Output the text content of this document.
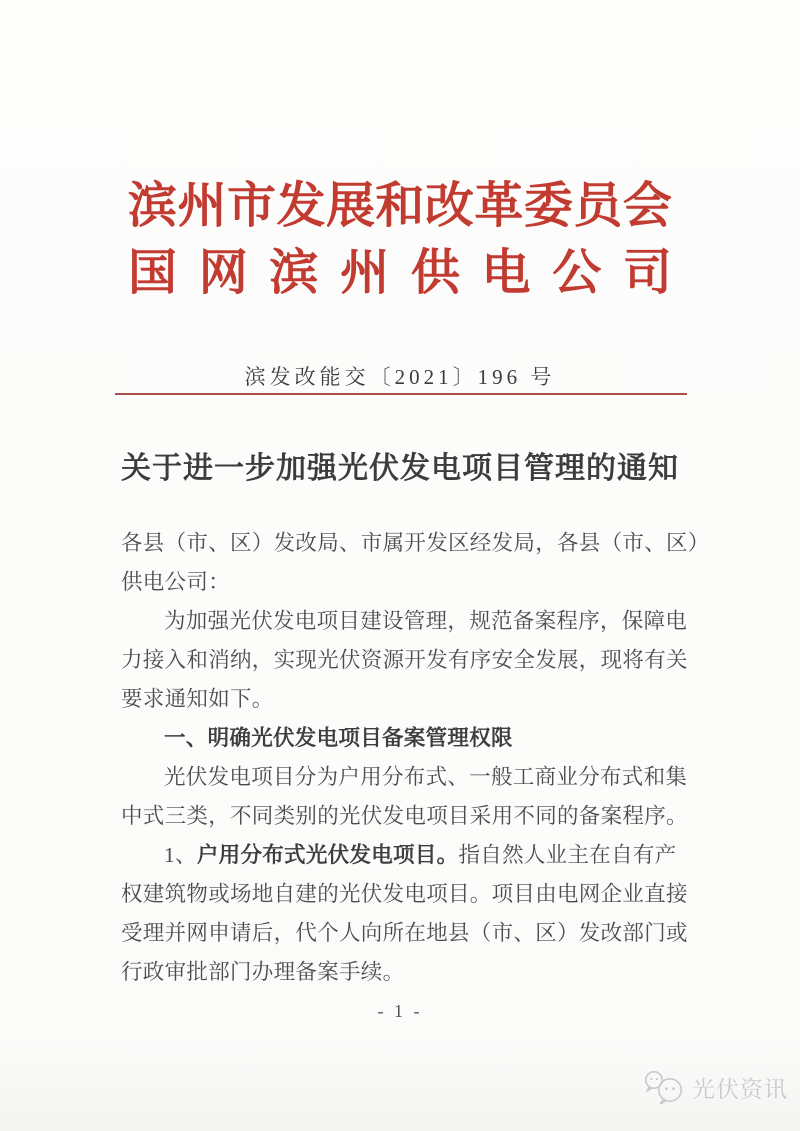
滨 州 市 发 展 和 改 革 委 员 会
国 网 滨 州 供 电 公 司
滨发改能交〔2021〕196 号
关于进一步加强光伏发电项目管理的通知
各县（市、区）发改局、市属开发区经发局，各县（市、区）
供电公司：
为加强光伏发电项目建设管理，规范备案程序，保障电
力接入和消纳，实现光伏资源开发有序安全发展，现将有关
要求通知如下。
一、明确光伏发电项目备案管理权限
光伏发电项目分为户用分布式、一般工商业分布式和集
中式三类，不同类别的光伏发电项目采用不同的备案程序。
1、户用分布式光伏发电项目。指自然人业主在自有产
权建筑物或场地自建的光伏发电项目。项目由电网企业直接
受理并网申请后，代个人向所在地县（市、区）发改部门或
行政审批部门办理备案手续。
- 1 -
光伏资讯
